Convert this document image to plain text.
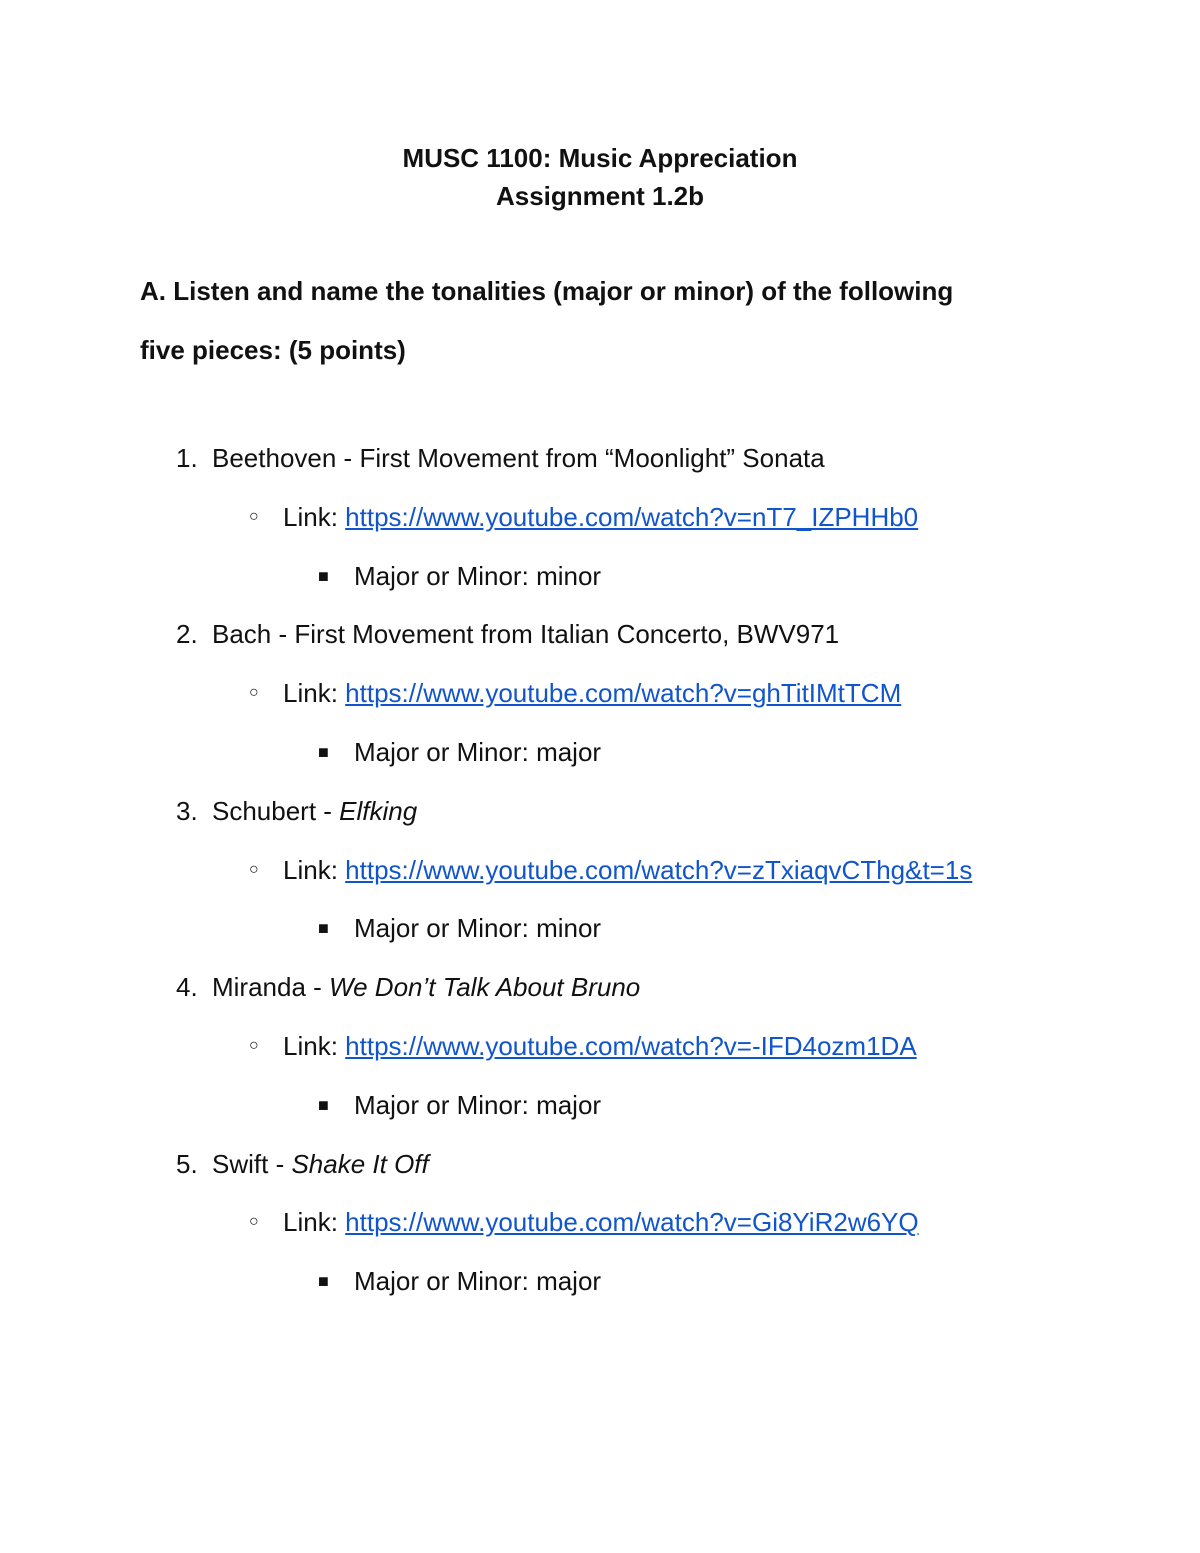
MUSC 1100: Music Appreciation
Assignment 1.2b
A. Listen and name the tonalities (major or minor) of the following
five pieces: (5 points)
1. Beethoven - First Movement from “Moonlight” Sonata
○ Link: https://www.youtube.com/watch?v=nT7_IZPHHb0
■ Major or Minor: minor
2. Bach - First Movement from Italian Concerto, BWV971
○ Link: https://www.youtube.com/watch?v=ghTitIMtTCM
■ Major or Minor: major
3. Schubert - Elfking
○ Link: https://www.youtube.com/watch?v=zTxiaqvCThg&t=1s
■ Major or Minor: minor
4. Miranda - We Don’t Talk About Bruno
○ Link: https://www.youtube.com/watch?v=-IFD4ozm1DA
■ Major or Minor: major
5. Swift - Shake It Off
○ Link: https://www.youtube.com/watch?v=Gi8YiR2w6YQ
■ Major or Minor: major
